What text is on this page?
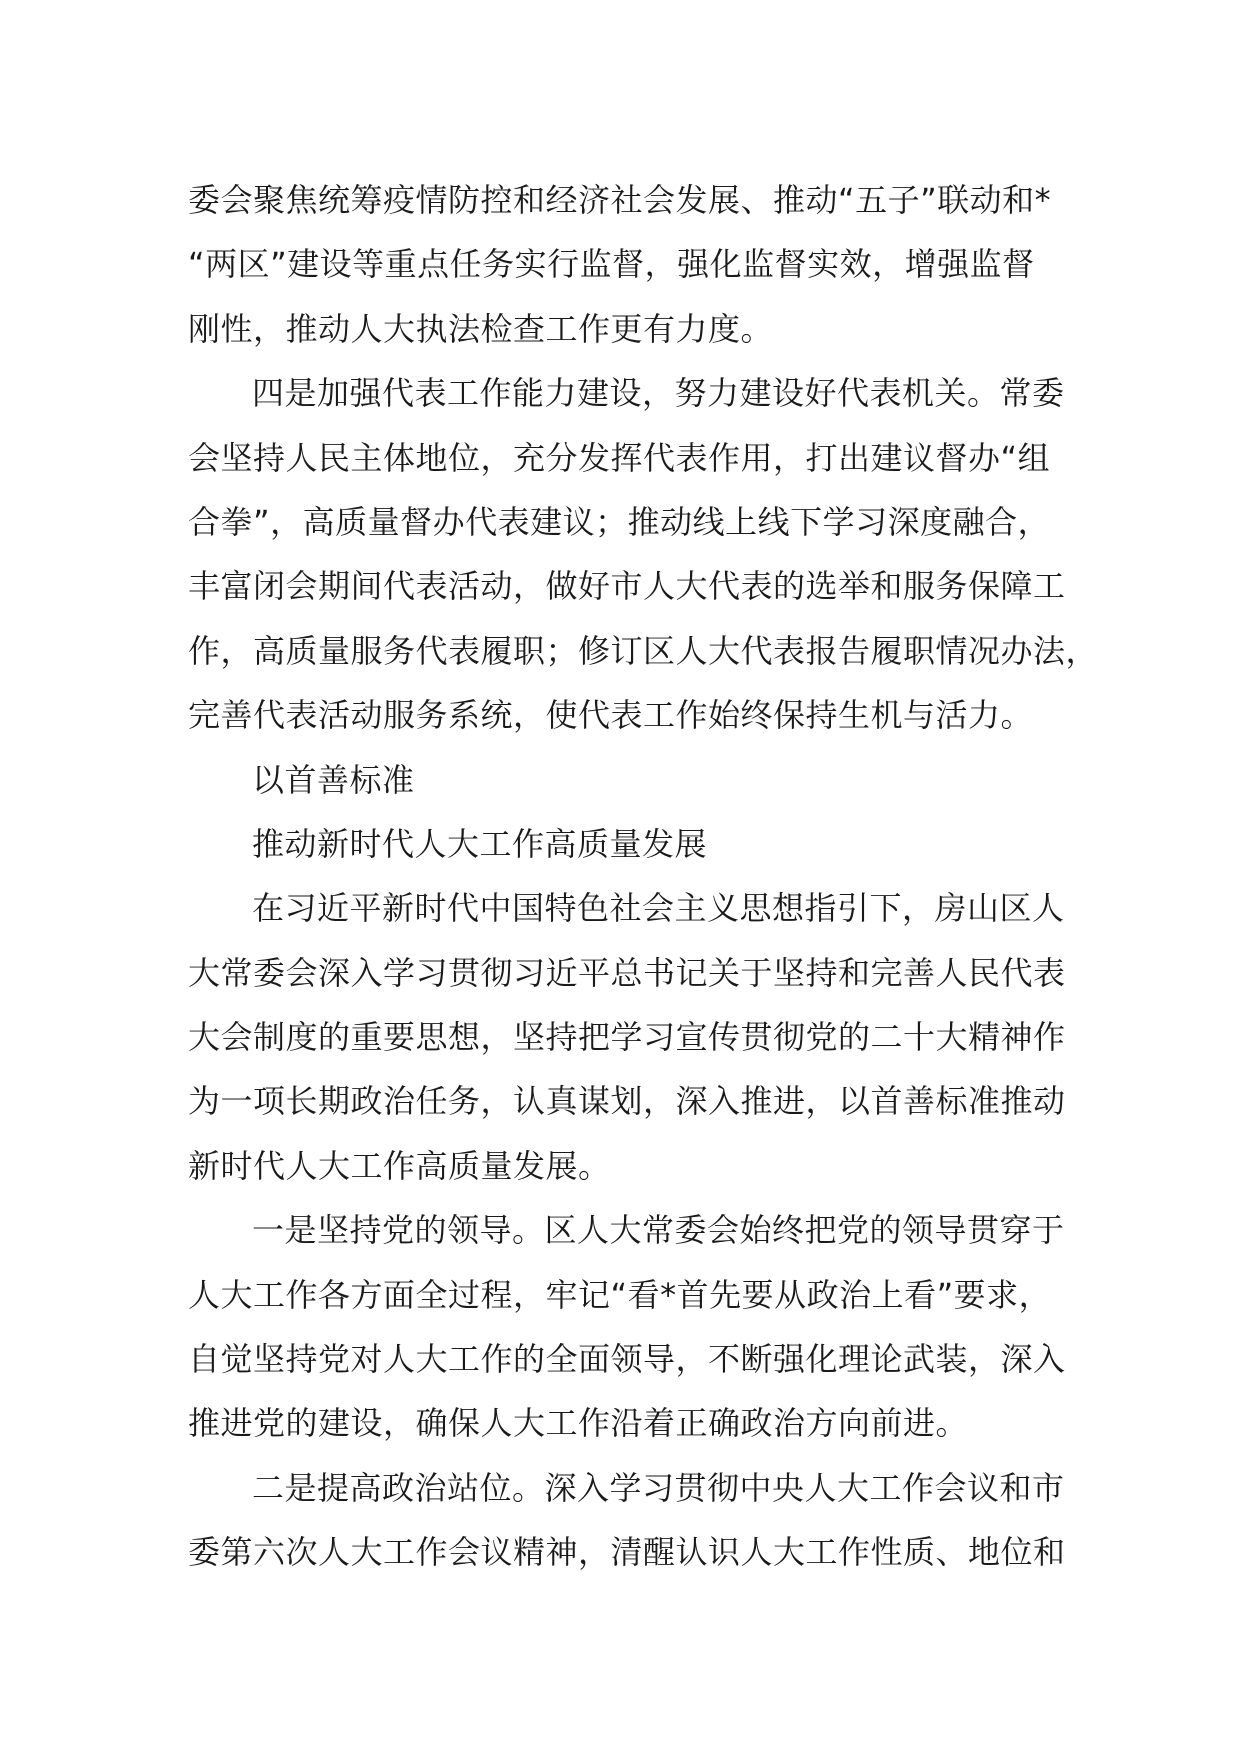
委会聚焦统筹疫情防控和经济社会发展、推动“五子”联动和*
“两区”建设等重点任务实行监督，强化监督实效，增强监督
刚性，推动人大执法检查工作更有力度。
四是加强代表工作能力建设，努力建设好代表机关。常委
会坚持人民主体地位，充分发挥代表作用，打出建议督办“组
合拳”，高质量督办代表建议；推动线上线下学习深度融合，
丰富闭会期间代表活动，做好市人大代表的选举和服务保障工
作，高质量服务代表履职；修订区人大代表报告履职情况办法，
完善代表活动服务系统，使代表工作始终保持生机与活力。
以首善标准
推动新时代人大工作高质量发展
在习近平新时代中国特色社会主义思想指引下，房山区人
大常委会深入学习贯彻习近平总书记关于坚持和完善人民代表
大会制度的重要思想，坚持把学习宣传贯彻党的二十大精神作
为一项长期政治任务，认真谋划，深入推进，以首善标准推动
新时代人大工作高质量发展。
一是坚持党的领导。区人大常委会始终把党的领导贯穿于
人大工作各方面全过程，牢记“看*首先要从政治上看”要求，
自觉坚持党对人大工作的全面领导，不断强化理论武装，深入
推进党的建设，确保人大工作沿着正确政治方向前进。
二是提高政治站位。深入学习贯彻中央人大工作会议和市
委第六次人大工作会议精神，清醒认识人大工作性质、地位和
